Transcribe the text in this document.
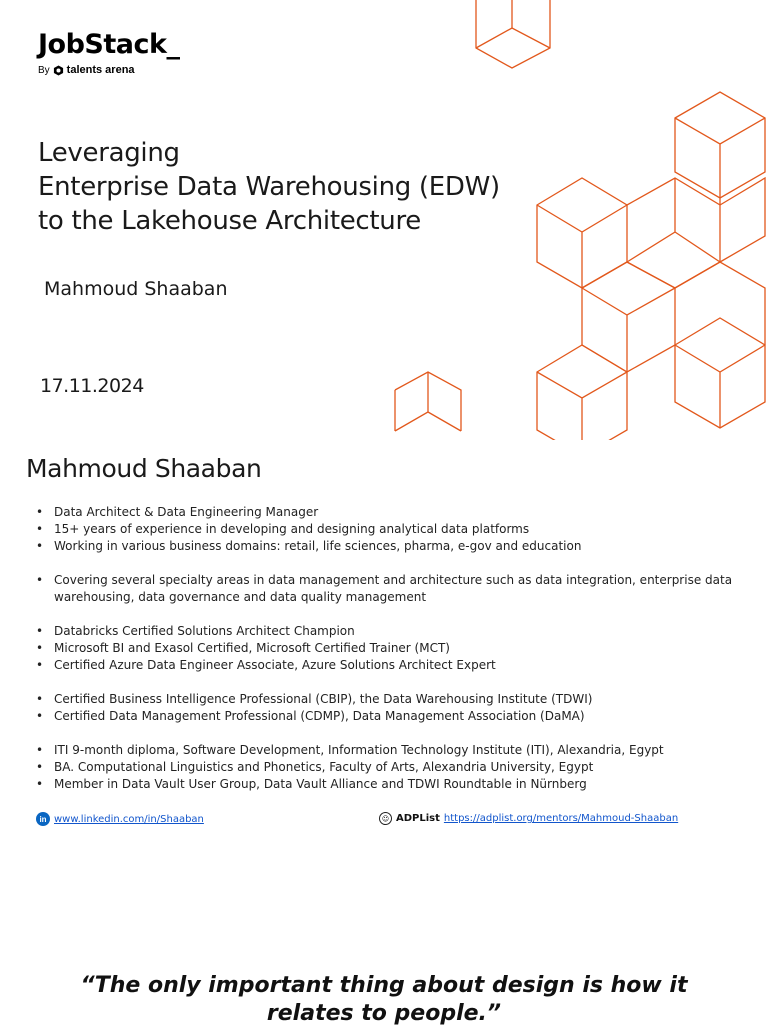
JobStack_
By talents arena
Leveraging
Enterprise Data Warehousing (EDW)
to the Lakehouse Architecture
Mahmoud Shaaban
17.11.2024
Mahmoud Shaaban
• Data Architect & Data Engineering Manager
• 15+ years of experience in developing and designing analytical data platforms
• Working in various business domains: retail, life sciences, pharma, e-gov and education
• Covering several specialty areas in data management and architecture such as data integration, enterprise data warehousing, data governance and data quality management
• Databricks Certified Solutions Architect Champion
• Microsoft BI and Exasol Certified, Microsoft Certified Trainer (MCT)
• Certified Azure Data Engineer Associate, Azure Solutions Architect Expert
• Certified Business Intelligence Professional (CBIP), the Data Warehousing Institute (TDWI)
• Certified Data Management Professional (CDMP), Data Management Association (DaMA)
• ITI 9-month diploma, Software Development, Information Technology Institute (ITI), Alexandria, Egypt
• BA. Computational Linguistics and Phonetics, Faculty of Arts, Alexandria University, Egypt
• Member in Data Vault User Group, Data Vault Alliance and TDWI Roundtable in Nürnberg
in www.linkedin.com/in/Shaaban	☺ ADPList https://adplist.org/mentors/Mahmoud-Shaaban
“The only important thing about design is how it
relates to people.”
